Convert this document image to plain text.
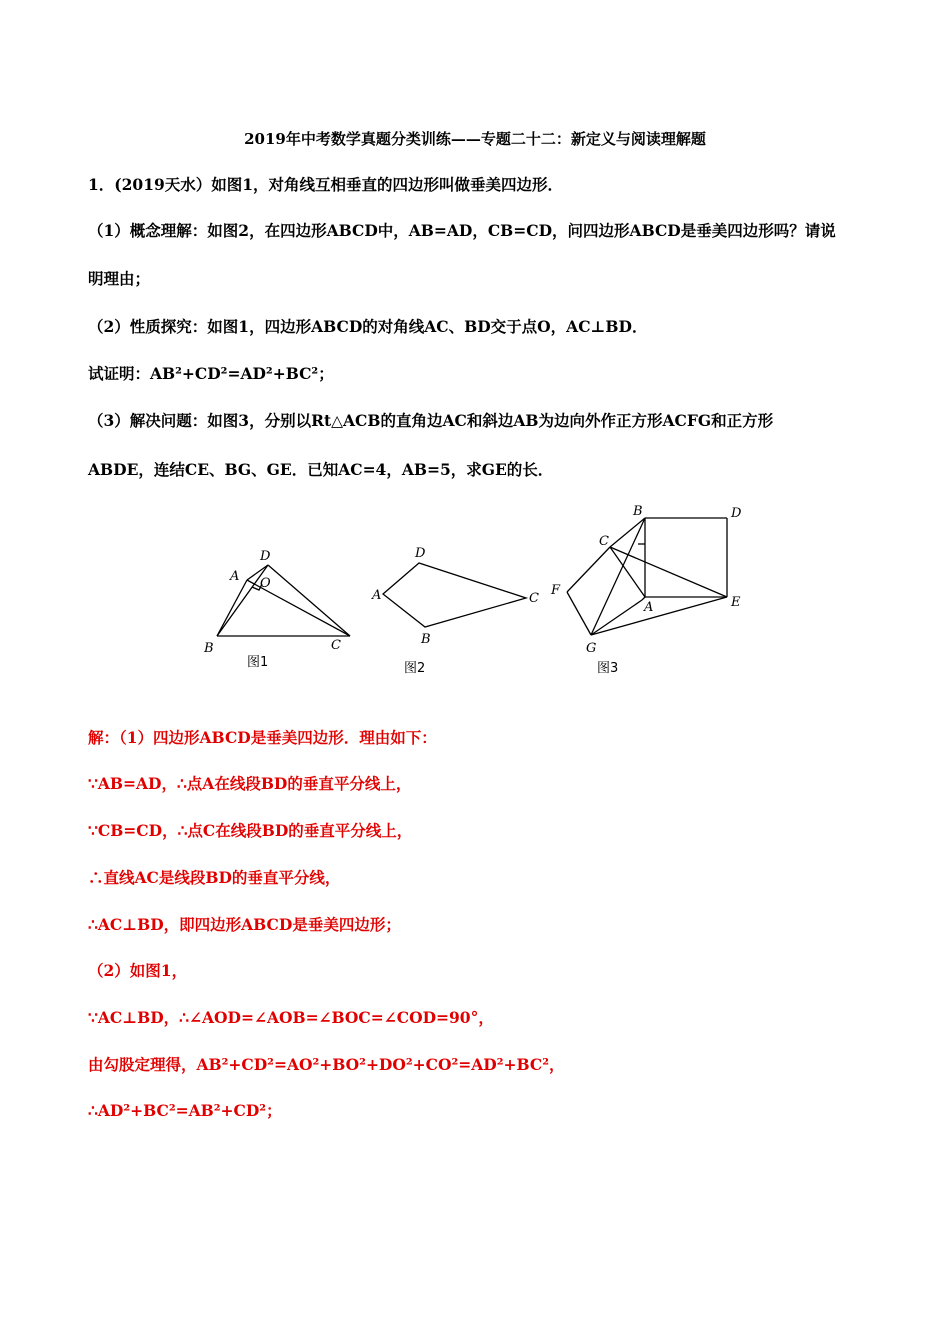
2019年中考数学真题分类训练——专题二十二：新定义与阅读理解题
1．(2019天水）如图1，对角线互相垂直的四边形叫做垂美四边形．
（1）概念理解：如图2，在四边形ABCD中，AB=AD，CB=CD，问四边形ABCD是垂美四边形吗？请说
明理由；
（2）性质探究：如图1，四边形ABCD的对角线AC、BD交于点O，AC⊥BD．
试证明：AB²+CD²=AD²+BC²；
（3）解决问题：如图3，分别以Rt△ACB的直角边AC和斜边AB为边向外作正方形ACFG和正方形
ABDE，连结CE、BG、GE．已知AC=4，AB=5，求GE的长．
A
D
O
B	C
A
D
C
B
B	D
C
F
A	E
G
图1	图2	图3
解：（1）四边形ABCD是垂美四边形．理由如下：
∵AB=AD，∴点A在线段BD的垂直平分线上，
∵CB=CD，∴点C在线段BD的垂直平分线上，
∴直线AC是线段BD的垂直平分线，
∴AC⊥BD，即四边形ABCD是垂美四边形；
（2）如图1，
∵AC⊥BD，∴∠AOD=∠AOB=∠BOC=∠COD=90°，
由勾股定理得，AB²+CD²=AO²+BO²+DO²+CO²=AD²+BC²，
∴AD²+BC²=AB²+CD²；
